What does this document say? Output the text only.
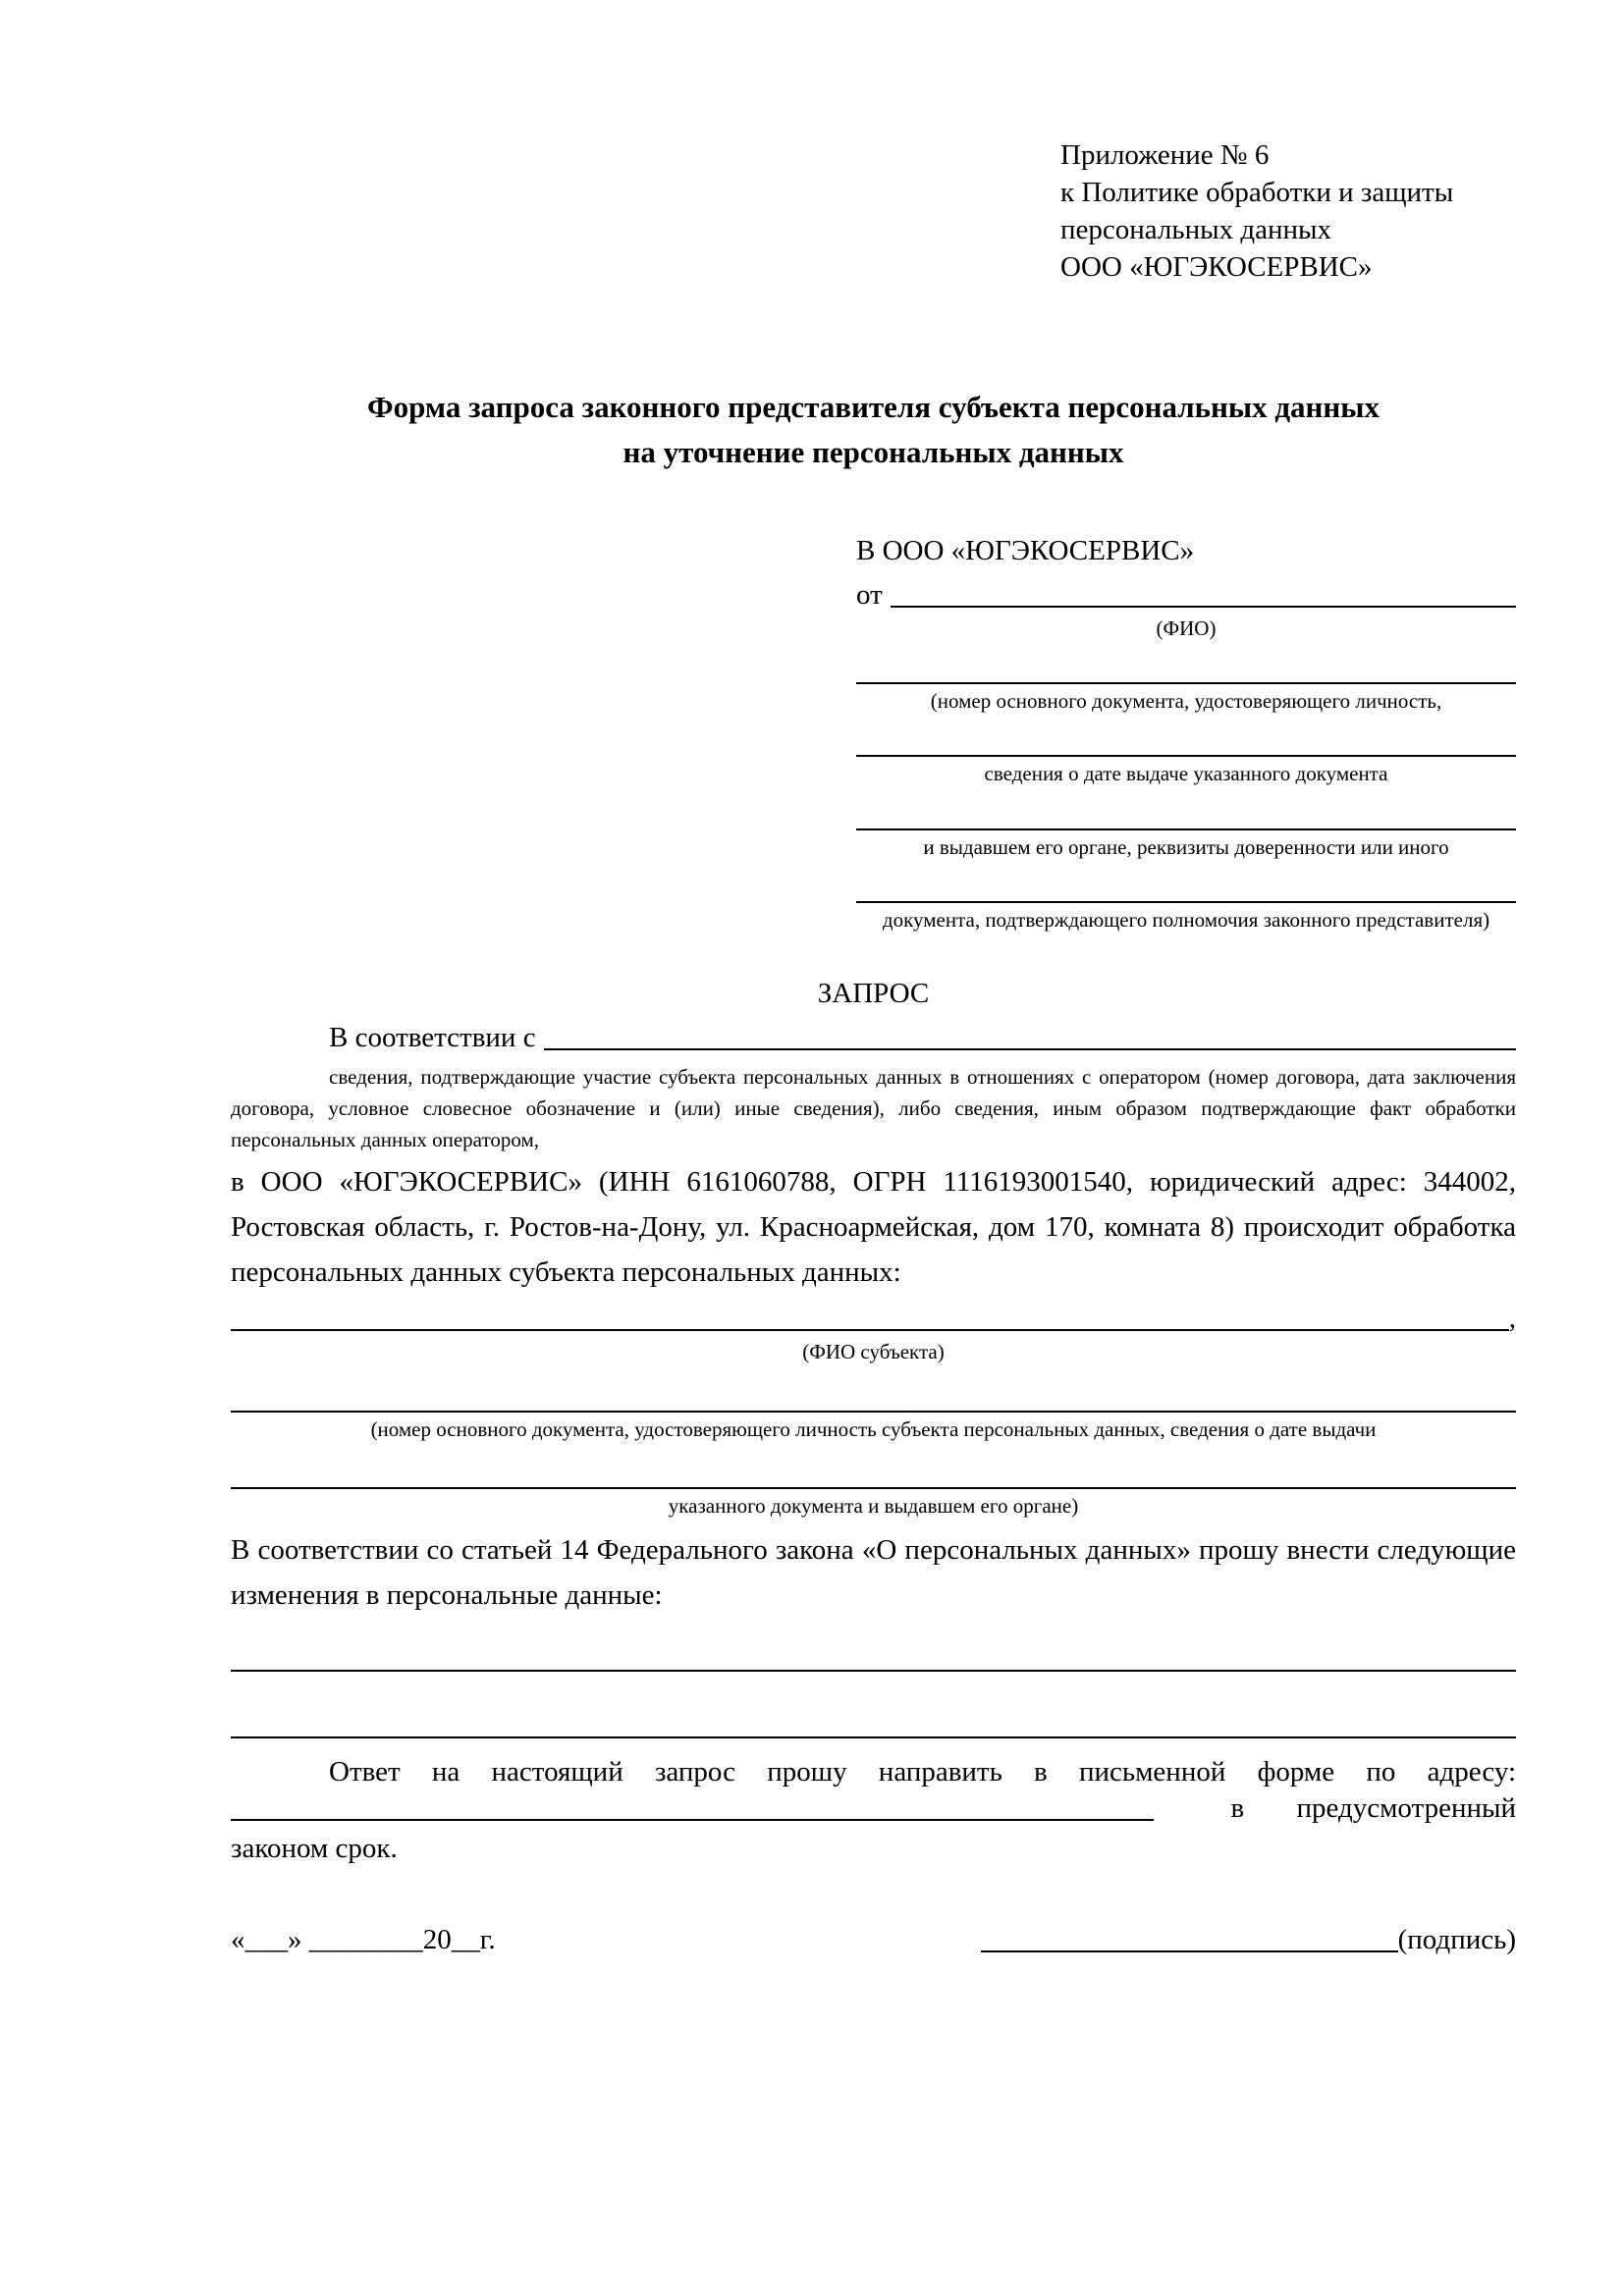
Приложение № 6
к Политике обработки и защиты
персональных данных
ООО «ЮГЭКОСЕРВИС»
Форма запроса законного представителя субъекта персональных данных
на уточнение персональных данных
В ООО «ЮГЭКОСЕРВИС»
от
(ФИО)
(номер основного документа, удостоверяющего личность,
сведения о дате выдаче указанного документа
и выдавшем его органе, реквизиты доверенности или иного
документа, подтверждающего полномочия законного представителя)
ЗАПРОС
В соответствии с
сведения, подтверждающие участие субъекта персональных данных в отношениях с оператором (номер договора, дата заключения договора, условное словесное обозначение и (или) иные сведения), либо сведения, иным образом подтверждающие факт обработки персональных данных оператором,
в ООО «ЮГЭКОСЕРВИС» (ИНН 6161060788, ОГРН 1116193001540, юридический адрес: 344002, Ростовская область, г. Ростов-на-Дону, ул. Красноармейская, дом 170, комната 8) происходит обработка персональных данных субъекта персональных данных:
,
(ФИО субъекта)
(номер основного документа, удостоверяющего личность субъекта персональных данных, сведения о дате выдачи
указанного документа и выдавшем его органе)
В соответствии со статьей 14 Федерального закона «О персональных данных» прошу внести следующие изменения в персональные данные:
Ответ на настоящий запрос прошу направить в письменной форме по адресу:
в предусмотренный
законом срок.
«___» ________20__г.	(подпись)
